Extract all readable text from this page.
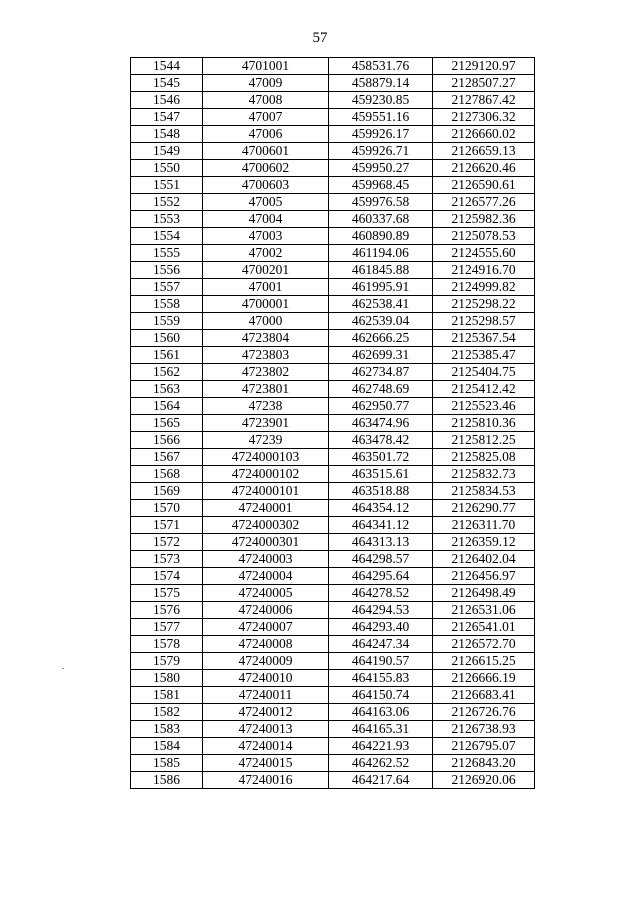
57
1544	4701001	458531.76	2129120.97
1545	47009	458879.14	2128507.27
1546	47008	459230.85	2127867.42
1547	47007	459551.16	2127306.32
1548	47006	459926.17	2126660.02
1549	4700601	459926.71	2126659.13
1550	4700602	459950.27	2126620.46
1551	4700603	459968.45	2126590.61
1552	47005	459976.58	2126577.26
1553	47004	460337.68	2125982.36
1554	47003	460890.89	2125078.53
1555	47002	461194.06	2124555.60
1556	4700201	461845.88	2124916.70
1557	47001	461995.91	2124999.82
1558	4700001	462538.41	2125298.22
1559	47000	462539.04	2125298.57
1560	4723804	462666.25	2125367.54
1561	4723803	462699.31	2125385.47
1562	4723802	462734.87	2125404.75
1563	4723801	462748.69	2125412.42
1564	47238	462950.77	2125523.46
1565	4723901	463474.96	2125810.36
1566	47239	463478.42	2125812.25
1567	4724000103	463501.72	2125825.08
1568	4724000102	463515.61	2125832.73
1569	4724000101	463518.88	2125834.53
1570	47240001	464354.12	2126290.77
1571	4724000302	464341.12	2126311.70
1572	4724000301	464313.13	2126359.12
1573	47240003	464298.57	2126402.04
1574	47240004	464295.64	2126456.97
1575	47240005	464278.52	2126498.49
1576	47240006	464294.53	2126531.06
1577	47240007	464293.40	2126541.01
1578	47240008	464247.34	2126572.70
1579	47240009	464190.57	2126615.25
1580	47240010	464155.83	2126666.19
1581	47240011	464150.74	2126683.41
1582	47240012	464163.06	2126726.76
1583	47240013	464165.31	2126738.93
1584	47240014	464221.93	2126795.07
1585	47240015	464262.52	2126843.20
1586	47240016	464217.64	2126920.06
